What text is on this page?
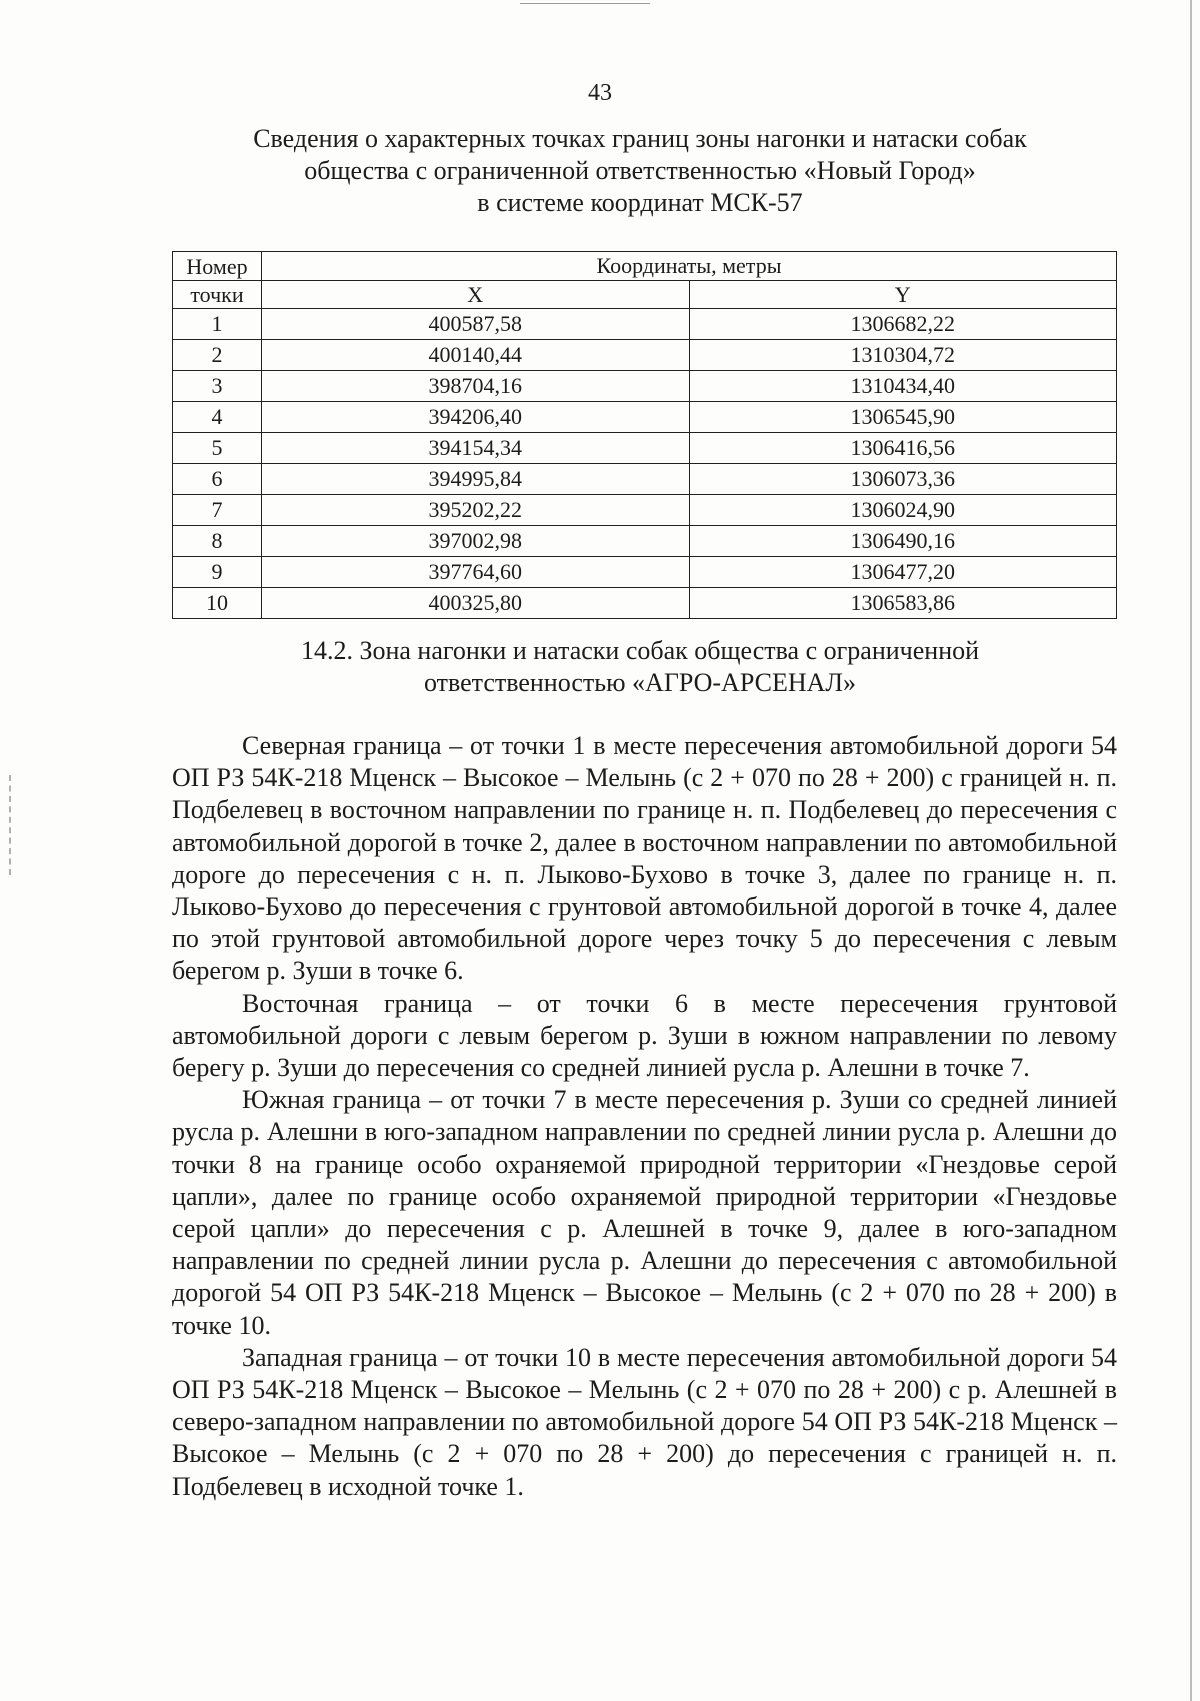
43
Сведения о характерных точках границ зоны нагонки и натаски собак
общества с ограниченной ответственностью «Новый Город»
в системе координат МСК-57
Номер	Координаты, метры	
точки	X	Y
1	400587,58	1306682,22
2	400140,44	1310304,72
3	398704,16	1310434,40
4	394206,40	1306545,90
5	394154,34	1306416,56
6	394995,84	1306073,36
7	395202,22	1306024,90
8	397002,98	1306490,16
9	397764,60	1306477,20
10	400325,80	1306583,86
14.2. Зона нагонки и натаски собак общества с ограниченной
ответственностью «АГРО-АРСЕНАЛ»

Северная граница – от точки 1 в месте пересечения автомобильной дороги 54 ОП РЗ 54К-218 Мценск – Высокое – Мелынь (с 2 + 070 по 28 + 200) с границей н. п. Подбелевец в восточном направлении по границе н. п. Подбелевец до пересечения с автомобильной дорогой в точке 2, далее в восточном направлении по автомобильной дороге до пересечения с н. п. Лыково-Бухово в точке 3, далее по границе н. п. Лыково-Бухово до пересечения с грунтовой автомобильной дорогой в точке 4, далее по этой грунтовой автомобильной дороге через точку 5 до пересечения с левым берегом р. Зуши в точке 6.

Восточная граница – от точки 6 в месте пересечения грунтовой автомобильной дороги с левым берегом р. Зуши в южном направлении по левому берегу р. Зуши до пересечения со средней линией русла р. Алешни в точке 7.

Южная граница – от точки 7 в месте пересечения р. Зуши со средней линией русла р. Алешни в юго-западном направлении по средней линии русла р. Алешни до точки 8 на границе особо охраняемой природной территории «Гнездовье серой цапли», далее по границе особо охраняемой природной территории «Гнездовье серой цапли» до пересечения с р. Алешней в точке 9, далее в юго-западном направлении по средней линии русла р. Алешни до пересечения с автомобильной дорогой 54 ОП РЗ 54К-218 Мценск – Высокое – Мелынь (с 2 + 070 по 28 + 200) в точке 10.

Западная граница – от точки 10 в месте пересечения автомобильной дороги 54 ОП РЗ 54К-218 Мценск – Высокое – Мелынь (с 2 + 070 по 28 + 200) с р. Алешней в северо-западном направлении по автомобильной дороге 54 ОП РЗ 54К-218 Мценск – Высокое – Мелынь (с 2 + 070 по 28 + 200) до пересечения с границей н. п. Подбелевец в исходной точке 1.
